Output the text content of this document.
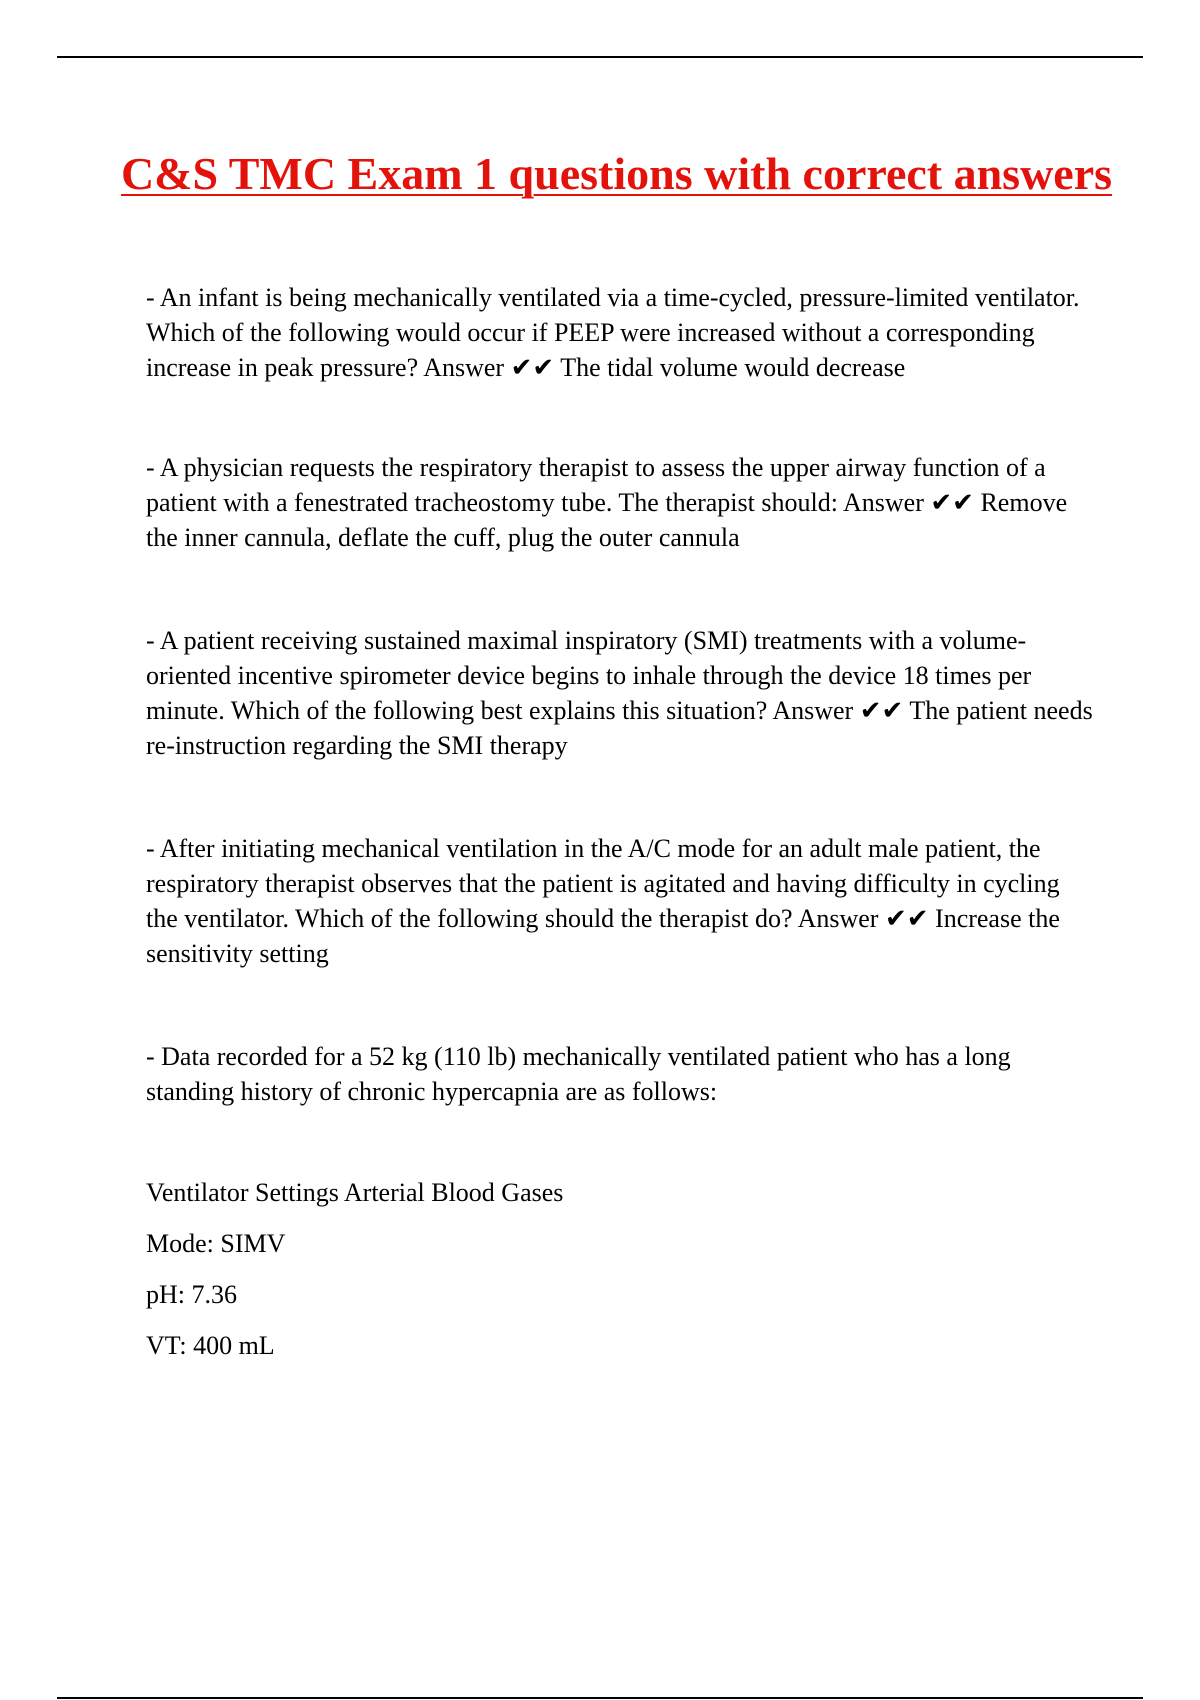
C&S TMC Exam 1 questions with correct answers

- An infant is being mechanically ventilated via a time-cycled, pressure-limited ventilator. Which of the following would occur if PEEP were increased without a corresponding increase in peak pressure? Answer ✔✔ The tidal volume would decrease

- A physician requests the respiratory therapist to assess the upper airway function of a patient with a fenestrated tracheostomy tube. The therapist should: Answer ✔✔ Remove the inner cannula, deflate the cuff, plug the outer cannula

- A patient receiving sustained maximal inspiratory (SMI) treatments with a volume-oriented incentive spirometer device begins to inhale through the device 18 times per minute. Which of the following best explains this situation? Answer ✔✔ The patient needs re-instruction regarding the SMI therapy

- After initiating mechanical ventilation in the A/C mode for an adult male patient, the respiratory therapist observes that the patient is agitated and having difficulty in cycling the ventilator. Which of the following should the therapist do? Answer ✔✔ Increase the sensitivity setting

- Data recorded for a 52 kg (110 lb) mechanically ventilated patient who has a long standing history of chronic hypercapnia are as follows:

Ventilator Settings Arterial Blood Gases

Mode: SIMV

pH: 7.36

VT: 400 mL
